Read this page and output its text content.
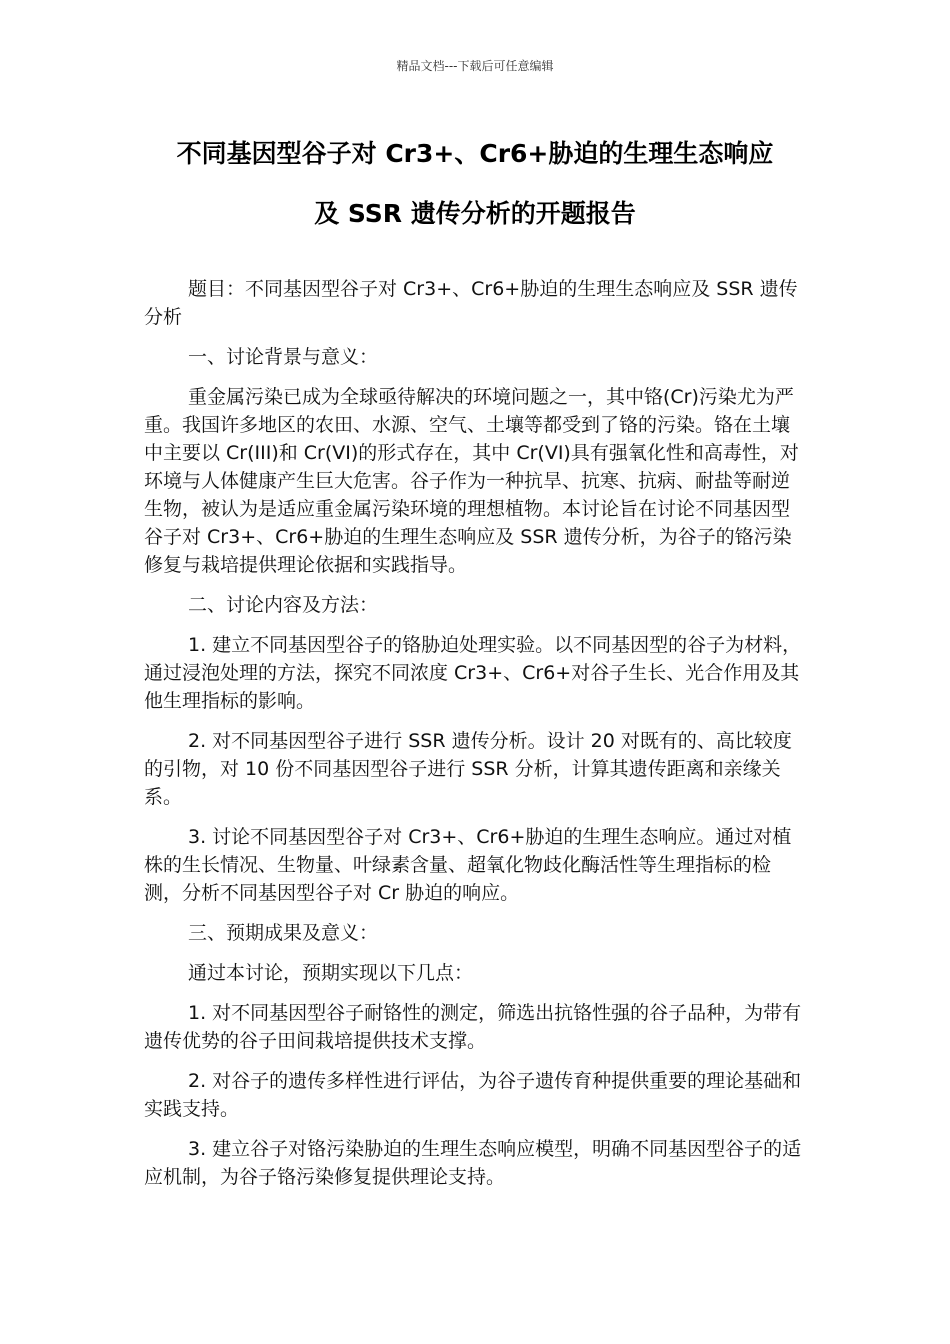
精品文档---下载后可任意编辑
不同基因型谷子对 Cr3+、Cr6+胁迫的生理生态响应
及 SSR 遗传分析的开题报告

题目：不同基因型谷子对 Cr3+、Cr6+胁迫的生理生态响应及 SSR 遗传分析

一、讨论背景与意义：

重金属污染已成为全球亟待解决的环境问题之一，其中铬(Cr)污染尤为严重。我国许多地区的农田、水源、空气、土壤等都受到了铬的污染。铬在土壤中主要以 Cr(III)和 Cr(VI)的形式存在，其中 Cr(VI)具有强氧化性和高毒性，对环境与人体健康产生巨大危害。谷子作为一种抗旱、抗寒、抗病、耐盐等耐逆生物，被认为是适应重金属污染环境的理想植物。本讨论旨在讨论不同基因型谷子对 Cr3+、Cr6+胁迫的生理生态响应及 SSR 遗传分析，为谷子的铬污染修复与栽培提供理论依据和实践指导。

二、讨论内容及方法：

1. 建立不同基因型谷子的铬胁迫处理实验。以不同基因型的谷子为材料，通过浸泡处理的方法，探究不同浓度 Cr3+、Cr6+对谷子生长、光合作用及其他生理指标的影响。

2. 对不同基因型谷子进行 SSR 遗传分析。设计 20 对既有的、高比较度的引物，对 10 份不同基因型谷子进行 SSR 分析，计算其遗传距离和亲缘关系。

3. 讨论不同基因型谷子对 Cr3+、Cr6+胁迫的生理生态响应。通过对植株的生长情况、生物量、叶绿素含量、超氧化物歧化酶活性等生理指标的检测，分析不同基因型谷子对 Cr 胁迫的响应。

三、预期成果及意义：

通过本讨论，预期实现以下几点：

1. 对不同基因型谷子耐铬性的测定，筛选出抗铬性强的谷子品种，为带有遗传优势的谷子田间栽培提供技术支撑。

2. 对谷子的遗传多样性进行评估，为谷子遗传育种提供重要的理论基础和实践支持。

3. 建立谷子对铬污染胁迫的生理生态响应模型，明确不同基因型谷子的适应机制，为谷子铬污染修复提供理论支持。
